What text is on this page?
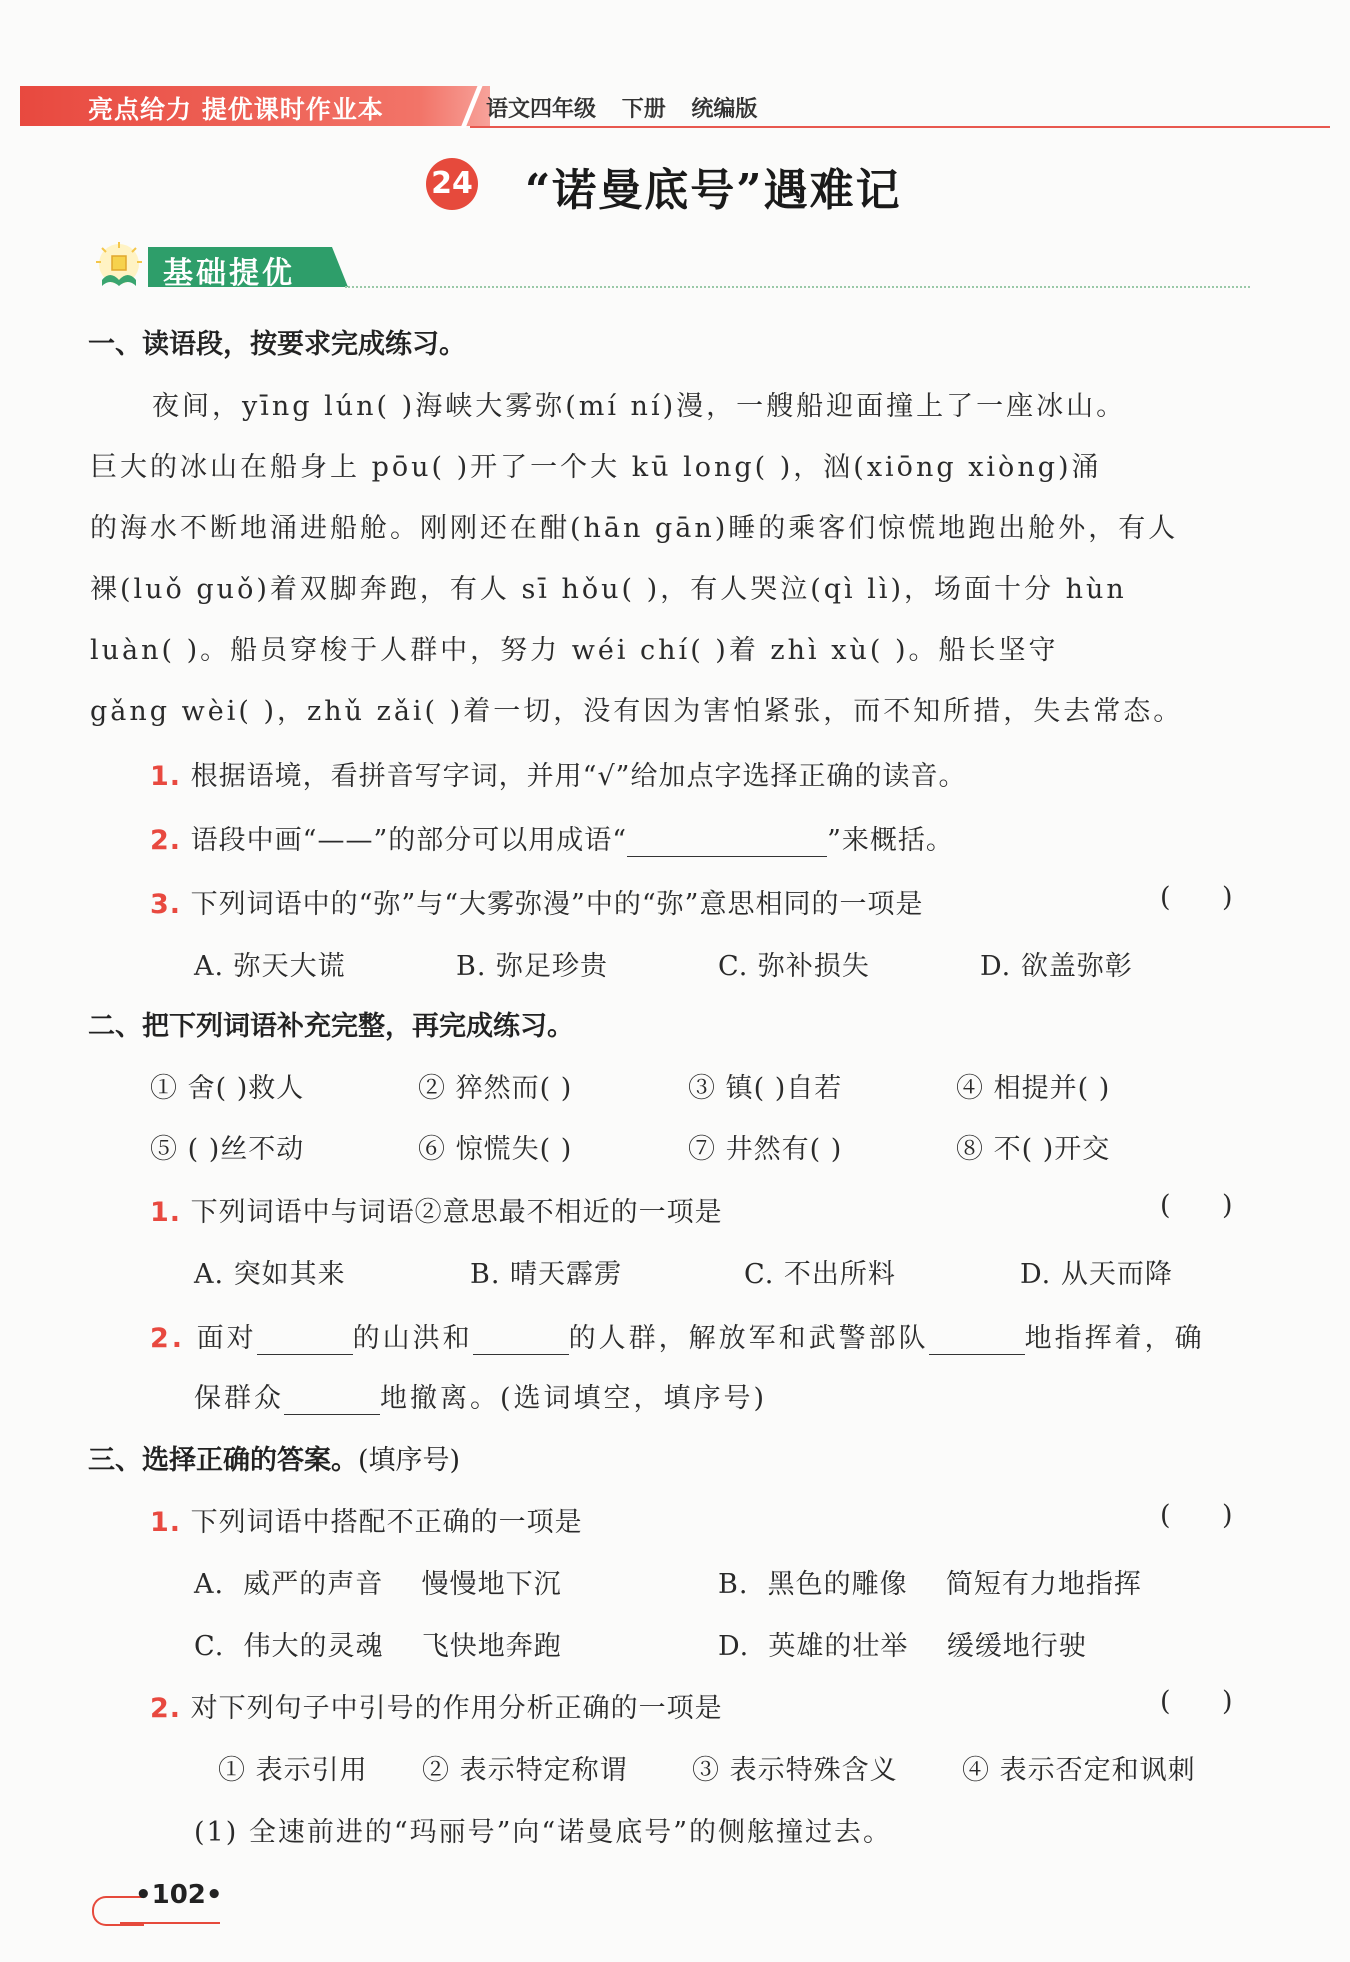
亮点给力 提优课时作业本	语文四年级 下册 统编版
24 “诺曼底号”遇难记
基础提优
一、读语段，按要求完成练习。
夜间，yīng lún( )海峡大雾弥(mí ní)漫，一艘船迎面撞上了一座冰山。
巨大的冰山在船身上 pōu( )开了一个大 kū long( )，汹(xiōng xiòng)涌
的海水不断地涌进船舱。刚刚还在酣(hān gān)睡的乘客们惊慌地跑出舱外，有人
裸(luǒ guǒ)着双脚奔跑，有人 sī hǒu( )，有人哭泣(qì lì)，场面十分 hùn
luàn( )。船员穿梭于人群中，努力 wéi chí( )着 zhì xù( )。船长坚守
gǎng wèi( )，zhǔ zǎi( )着一切，没有因为害怕紧张，而不知所措，失去常态。
1. 根据语境，看拼音写字词，并用“√”给加点字选择正确的读音。
2. 语段中画“——”的部分可以用成语“	”来概括。
3. 下列词语中的“弥”与“大雾弥漫”中的“弥”意思相同的一项是	(      )
A. 弥天大谎	B. 弥足珍贵	C. 弥补损失	D. 欲盖弥彰
二、把下列词语补充完整，再完成练习。
① 舍( )救人	② 猝然而( )	③ 镇( )自若	④ 相提并( )
⑤ ( )丝不动	⑥ 惊慌失( )	⑦ 井然有( )	⑧ 不( )开交
1. 下列词语中与词语②意思最不相近的一项是	(      )
A. 突如其来	B. 晴天霹雳	C. 不出所料	D. 从天而降
2. 面对	的山洪和	的人群，解放军和武警部队	地指挥着，确
保群众	地撤离。(选词填空，填序号)
三、选择正确的答案。(填序号)
1. 下列词语中搭配不正确的一项是	(      )
A.  威严的声音    慢慢地下沉	B.  黑色的雕像    简短有力地指挥
C.  伟大的灵魂    飞快地奔跑	D.  英雄的壮举    缓缓地行驶
2. 对下列句子中引号的作用分析正确的一项是	(      )
① 表示引用 ② 表示特定称谓 ③ 表示特殊含义 ④ 表示否定和讽刺
(1) 全速前进的“玛丽号”向“诺曼底号”的侧舷撞过去。
•102•
